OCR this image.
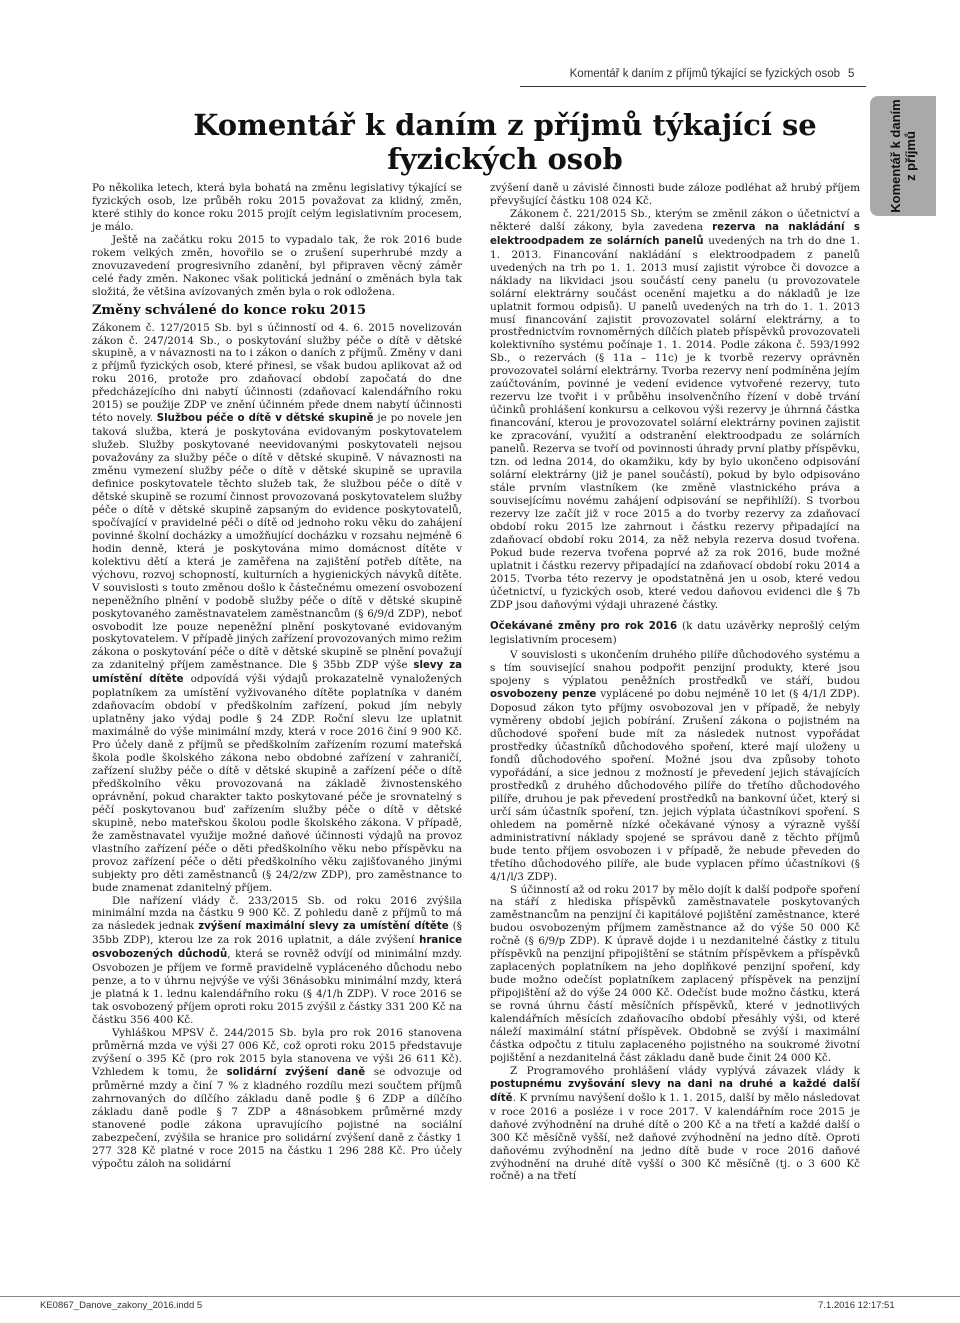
Komentář k daním z příjmů týkající se fyzických osob 5
Komentář k daním z příjmů
Komentář k daním z příjmů týkající se
fyzických osob

Po několika letech, která byla bohatá na změnu legislativy týkající se fyzických osob, lze průběh roku 2015 považovat za klidný, změn, které stihly do konce roku 2015 projít celým legislativním procesem, je málo.

Ještě na začátku roku 2015 to vypadalo tak, že rok 2016 bude rokem velkých změn, hovořilo se o zrušení superhrubé mzdy a znovuzavedení progresivního zdanění, byl připraven věcný záměr celé řady změn. Nakonec však politická jednání o změnách byla tak složitá, že většina avízovaných změn byla o rok odložena.

Změny schválené do konce roku 2015

Zákonem č. 127/2015 Sb. byl s účinností od 4. 6. 2015 novelizován zákon č. 247/2014 Sb., o poskytování služby péče o dítě v dětské skupině, a v návaznosti na to i zákon o daních z příjmů. Změny v dani z příjmů fyzických osob, které přinesl, se však budou aplikovat až od roku 2016, protože pro zdaňovací období započatá do dne předcházejícího dni nabytí účinnosti (zdaňovací kalendářního roku 2015) se použije ZDP ve znění účinném přede dnem nabytí účinnosti této novely. Službou péče o dítě v dětské skupině je po novele jen taková služba, která je poskytována evidovaným poskytovatelem služeb. Služby poskytované neevidovanými poskytovateli nejsou považovány za služby péče o dítě v dětské skupině. V návaznosti na změnu vymezení služby péče o dítě v dětské skupině se upravila definice poskytovatele těchto služeb tak, že službou péče o dítě v dětské skupině se rozumí činnost provozovaná poskytovatelem služby péče o dítě v dětské skupině zapsaným do evidence poskytovatelů, spočívající v pravidelné péči o dítě od jednoho roku věku do zahájení povinné školní docházky a umožňující docházku v rozsahu nejméně 6 hodin denně, která je poskytována mimo domácnost dítěte v kolektivu dětí a která je zaměřena na zajištění potřeb dítěte, na výchovu, rozvoj schopností, kulturních a hygienických návyků dítěte. V souvislosti s touto změnou došlo k částečnému omezení osvobození nepeněžního plnění v podobě služby péče o dítě v dětské skupině poskytovaného zaměstnavatelem zaměstnancům (§ 6/9/d ZDP), neboť osvobodit lze pouze nepeněžní plnění poskytované evidovaným poskytovatelem. V případě jiných zařízení provozovaných mimo režim zákona o poskytování péče o dítě v dětské skupině se plnění považují za zdanitelný příjem zaměstnance. Dle § 35bb ZDP výše slevy za umístění dítěte odpovídá výši výdajů prokazatelně vynaložených poplatníkem za umístění vyživovaného dítěte poplatníka v daném zdaňovacím období v předškolním zařízení, pokud jím nebyly uplatněny jako výdaj podle § 24 ZDP. Roční slevu lze uplatnit maximálně do výše minimální mzdy, která v roce 2016 činí 9 900 Kč. Pro účely daně z příjmů se předškolním zařízením rozumí mateřská škola podle školského zákona nebo obdobné zařízení v zahraničí, zařízení služby péče o dítě v dětské skupině a zařízení péče o dítě předškolního věku provozovaná na základě živnostenského oprávnění, pokud charakter takto poskytované péče je srovnatelný s péčí poskytovanou buď zařízením služby péče o dítě v dětské skupině, nebo mateřskou školou podle školského zákona. V případě, že zaměstnavatel využije možné daňové účinnosti výdajů na provoz vlastního zařízení péče o děti předškolního věku nebo příspěvku na provoz zařízení péče o děti předškolního věku zajišťovaného jinými subjekty pro děti zaměstnanců (§ 24/2/zw ZDP), pro zaměstnance to bude znamenat zdanitelný příjem.

Dle nařízení vlády č. 233/2015 Sb. od roku 2016 zvýšila minimální mzda na částku 9 900 Kč. Z pohledu daně z příjmů to má za následek jednak zvýšení maximální slevy za umístění dítěte (§ 35bb ZDP), kterou lze za rok 2016 uplatnit, a dále zvýšení hranice osvobozených důchodů, která se rovněž odvíjí od minimální mzdy. Osvobozen je příjem ve formě pravidelně vypláceného důchodu nebo penze, a to v úhrnu nejvýše ve výši 36násobku minimální mzdy, která je platná k 1. lednu kalendářního roku (§ 4/1/h ZDP). V roce 2016 se tak osvobozený příjem oproti roku 2015 zvýšil z částky 331 200 Kč na částku 356 400 Kč.

Vyhláškou MPSV č. 244/2015 Sb. byla pro rok 2016 stanovena průměrná mzda ve výši 27 006 Kč, což oproti roku 2015 představuje zvýšení o 395 Kč (pro rok 2015 byla stanovena ve výši 26 611 Kč). Vzhledem k tomu, že solidární zvýšení daně se odvozuje od průměrné mzdy a činí 7 % z kladného rozdílu mezi součtem příjmů zahrnovaných do dílčího základu daně podle § 6 ZDP a dílčího základu daně podle § 7 ZDP a 48násobkem průměrné mzdy stanovené podle zákona upravujícího pojistné na sociální zabezpečení, zvýšila se hranice pro solidární zvýšení daně z částky 1 277 328 Kč platné v roce 2015 na částku 1 296 288 Kč. Pro účely výpočtu záloh na solidární

zvýšení daně u závislé činnosti bude záloze podléhat až hrubý příjem převyšující částku 108 024 Kč.

Zákonem č. 221/2015 Sb., kterým se změnil zákon o účetnictví a některé další zákony, byla zavedena rezerva na nakládání s elektroodpadem ze solárních panelů uvedených na trh do dne 1. 1. 2013. Financování nakládání s elektroodpadem z panelů uvedených na trh po 1. 1. 2013 musí zajistit výrobce či dovozce a náklady na likvidaci jsou součástí ceny panelu (u provozovatele solární elektrárny součást ocenění majetku a do nákladů je lze uplatnit formou odpisů). U panelů uvedených na trh do 1. 1. 2013 musí financování zajistit provozovatel solární elektrárny, a to prostřednictvím rovnoměrných dílčích plateb příspěvků provozovateli kolektivního systému počínaje 1. 1. 2014. Podle zákona č. 593/1992 Sb., o rezervách (§ 11a – 11c) je k tvorbě rezervy oprávněn provozovatel solární elektrárny. Tvorba rezervy není podmíněna jejím zaúčtováním, povinné je vedení evidence vytvořené rezervy, tuto rezervu lze tvořit i v průběhu insolvenčního řízení v době trvání účinků prohlášení konkursu a celkovou výši rezervy je úhrnná částka financování, kterou je provozovatel solární elektrárny povinen zajistit ke zpracování, využití a odstranění elektroodpadu ze solárních panelů. Rezerva se tvoří od povinnosti úhrady první platby příspěvku, tzn. od ledna 2014, do okamžiku, kdy by bylo ukončeno odpisování solární elektrárny (již je panel součástí), pokud by bylo odpisováno stále prvním vlastníkem (ke změně vlastnického práva a souvisejícímu novému zahájení odpisování se nepřihlíží). S tvorbou rezervy lze začít již v roce 2015 a do tvorby rezervy za zdaňovací období roku 2015 lze zahrnout i částku rezervy připadající na zdaňovací období roku 2014, za něž nebyla rezerva dosud tvořena. Pokud bude rezerva tvořena poprvé až za rok 2016, bude možné uplatnit i částku rezervy připadající na zdaňovací období roku 2014 a 2015. Tvorba této rezervy je opodstatněná jen u osob, které vedou účetnictví, u fyzických osob, které vedou daňovou evidenci dle § 7b ZDP jsou daňovými výdaji uhrazené částky.

Očekávané změny pro rok 2016 (k datu uzávěrky neprošlý celým legislativním procesem)

V souvislosti s ukončením druhého pilíře důchodového systému a s tím související snahou podpořit penzijní produkty, které jsou spojeny s výplatou peněžních prostředků ve stáří, budou osvobozeny penze vyplácené po dobu nejméně 10 let (§ 4/1/l ZDP). Doposud zákon tyto příjmy osvobozoval jen v případě, že nebyly vyměreny období jejich pobírání. Zrušení zákona o pojistném na důchodové spoření bude mít za následek nutnost vypořádat prostředky účastníků důchodového spoření, které mají uloženy u fondů důchodového spoření. Možné jsou dva způsoby tohoto vypořádání, a sice jednou z možností je převedení jejich stávajících prostředků z druhého důchodového pilíře do třetího důchodového pilíře, druhou je pak převedení prostředků na bankovní účet, který si určí sám účastník spoření, tzn. jejich výplata účastníkovi spoření. S ohledem na poměrně nízké očekávané výnosy a výrazně vyšší administrativní náklady spojené se správou daně z těchto příjmů bude tento příjem osvobozen i v případě, že nebude převeden do třetího důchodového pilíře, ale bude vyplacen přímo účastníkovi (§ 4/1/l/3 ZDP).

S účinností až od roku 2017 by mělo dojít k další podpoře spoření na stáří z hlediska příspěvků zaměstnavatele poskytovaných zaměstnancům na penzijní či kapitálové pojištění zaměstnance, které budou osvobozeným příjmem zaměstnance až do výše 50 000 Kč ročně (§ 6/9/p ZDP). K úpravě dojde i u nezdanitelné částky z titulu příspěvků na penzijní připojištění se státním příspěvkem a příspěvků zaplacených poplatníkem na jeho doplňkové penzijní spoření, kdy bude možno odečíst poplatníkem zaplacený příspěvek na penzijní připojištění až do výše 24 000 Kč. Odečíst bude možno částku, která se rovná úhrnu částí měsíčních příspěvků, které v jednotlivých kalendářních měsících zdaňovacího období přesáhly výši, od které náleží maximální státní příspěvek. Obdobně se zvýší i maximální částka odpočtu z titulu zaplaceného pojistného na soukromé životní pojištění a nezdanitelná část základu daně bude činit 24 000 Kč.

Z Programového prohlášení vlády vyplývá závazek vlády k postupnému zvyšování slevy na dani na druhé a každé další dítě. K prvnímu navýšení došlo k 1. 1. 2015, další by mělo následovat v roce 2016 a posléze i v roce 2017. V kalendářním roce 2015 je daňové zvýhodnění na druhé dítě o 200 Kč a na třetí a každé další o 300 Kč měsíčně vyšší, než daňové zvýhodnění na jedno dítě. Oproti daňovému zvýhodnění na jedno dítě bude v roce 2016 daňové zvýhodnění na druhé dítě vyšší o 300 Kč měsíčně (tj. o 3 600 Kč ročně) a na třetí

KE0867_Danove_zakony_2016.indd 5	7.1.2016 12:17:51
